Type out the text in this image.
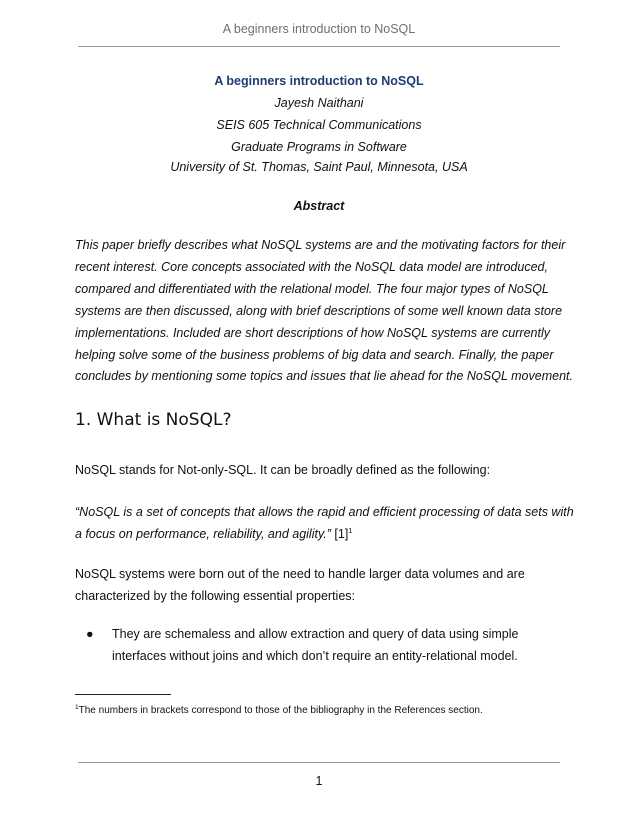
A beginners introduction to NoSQL
A beginners introduction to NoSQL
Jayesh Naithani
SEIS 605 Technical Communications
Graduate Programs in Software
University of St. Thomas, Saint Paul, Minnesota, USA
Abstract
This paper briefly describes what NoSQL systems are and the motivating factors for their recent interest. Core concepts associated with the NoSQL data model are introduced, compared and differentiated with the relational model. The four major types of NoSQL systems are then discussed, along with brief descriptions of some well known data store implementations. Included are short descriptions of how NoSQL systems are currently helping solve some of the business problems of big data and search. Finally, the paper concludes by mentioning some topics and issues that lie ahead for the NoSQL movement.
1. What is NoSQL?
NoSQL stands for Not-only-SQL. It can be broadly defined as the following:
“NoSQL is a set of concepts that allows the rapid and efficient processing of data sets with a focus on performance, reliability, and agility.” $[1]^1$
NoSQL systems were born out of the need to handle larger data volumes and are characterized by the following essential properties:
● They are schemaless and allow extraction and query of data using simple interfaces without joins and which don’t require an entity-relational model.
$^1$The numbers in brackets correspond to those of the bibliography in the References section.
1
